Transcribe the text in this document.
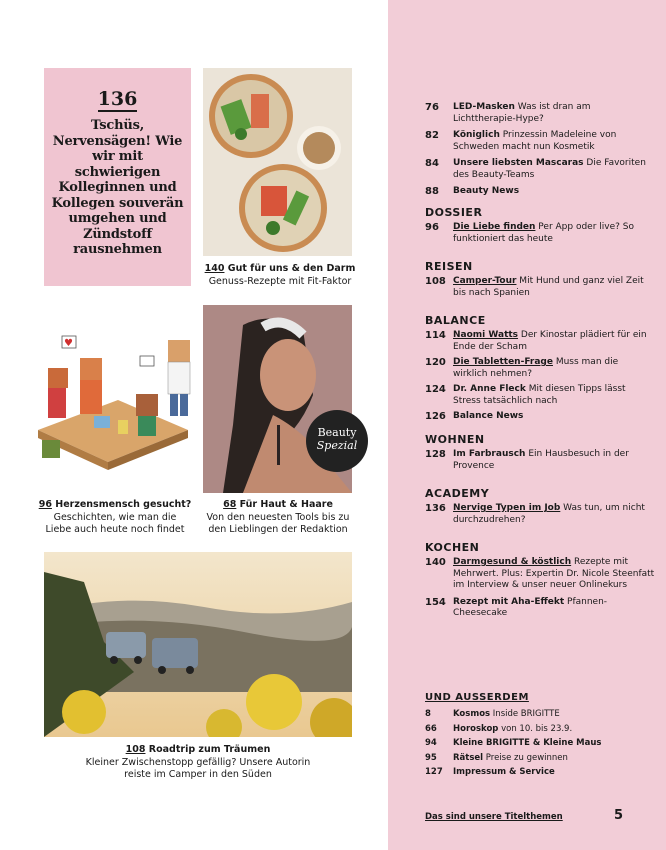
136
Tschüs, Nervensägen! Wie wir mit schwierigen Kolleginnen und Kollegen souverän umgehen und Zündstoff rausnehmen
140 Gut für uns & den Darm
Genuss-Rezepte mit Fit-Faktor
♥
96 Herzensmensch gesucht?
Geschichten, wie man die
Liebe auch heute noch findet
Beauty
Spezial
68 Für Haut & Haare
Von den neuesten Tools bis zu
den Lieblingen der Redaktion
108 Roadtrip zum Träumen
Kleiner Zwischenstopp gefällig? Unsere Autorin
reiste im Camper in den Süden
76	LED-Masken Was ist dran am Lichttherapie-Hype?
82	Königlich Prinzessin Madeleine von Schweden macht nun Kosmetik
84	Unsere liebsten Mascaras Die Favoriten des Beauty-Teams
88	Beauty News
DOSSIER
96	Die Liebe finden Per App oder live? So funktioniert das heute
REISEN
108 Camper-Tour Mit Hund und ganz viel Zeit bis nach Spanien
BALANCE
114 Naomi Watts Der Kinostar plädiert für ein Ende der Scham
120 Die Tabletten-Frage Muss man die wirklich nehmen?
124 Dr. Anne Fleck Mit diesen Tipps lässt Stress tatsächlich nach
126 Balance News
WOHNEN
128 Im Farbrausch Ein Hausbesuch in der Provence
ACADEMY
136 Nervige Typen im Job Was tun, um nicht durchzudrehen?
KOCHEN
140 Darmgesund & köstlich Rezepte mit Mehrwert. Plus: Expertin Dr. Nicole Steenfatt im Interview & unser neuer Onlinekurs
154 Rezept mit Aha-Effekt Pfannen-Cheesecake
UND AUSSERDEM
8	Kosmos Inside BRIGITTE
66	Horoskop von 10. bis 23.9.
94	Kleine BRIGITTE & Kleine Maus
95	Rätsel Preise zu gewinnen
127	Impressum & Service
Das sind unsere Titelthemen	5
